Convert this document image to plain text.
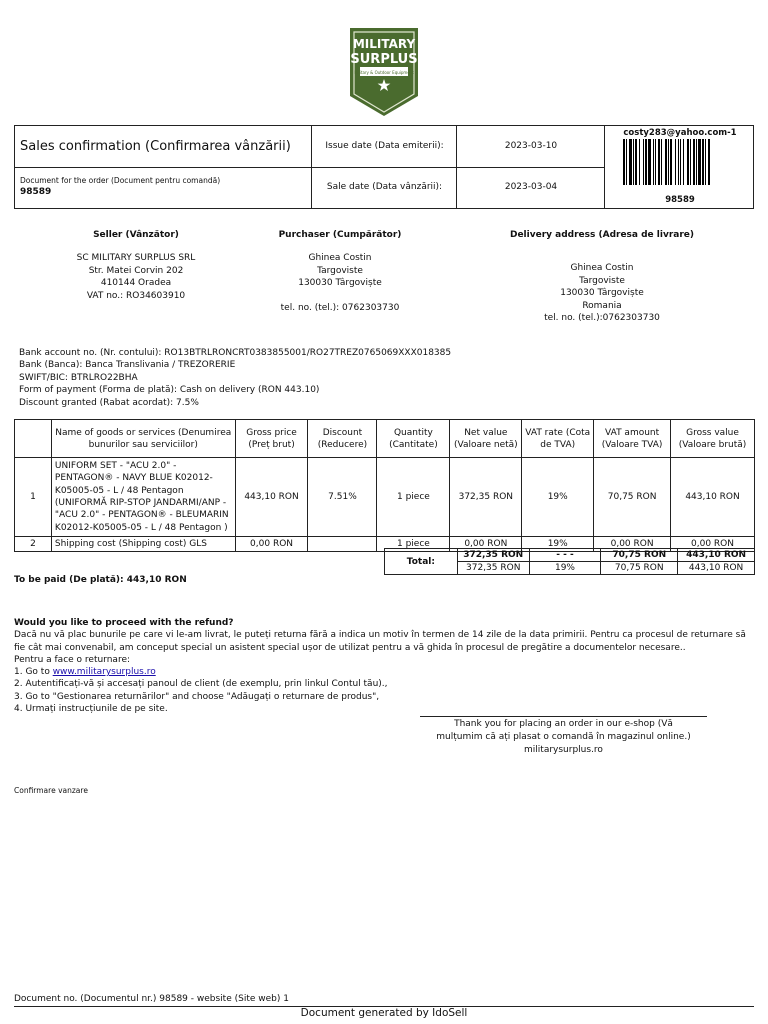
MILITARY
SURPLUS
Military & Outdoor Equipment
Sales confirmation (Confirmarea vânzării)
Document for the order (Document pentru comandă)
98589
Issue date (Data emiterii):	2023-03-10
Sale date (Data vânzării):	2023-03-04
costy283@yahoo.com-1
98589
Seller (Vânzător)
SC MILITARY SURPLUS SRL
Str. Matei Corvin 202
410144 Oradea
VAT no.: RO34603910
Purchaser (Cumpărător)
Ghinea Costin
Targoviste
130030 Târgoviște
tel. no. (tel.): 0762303730
Delivery address (Adresa de livrare)
Ghinea Costin
Targoviste
130030 Târgoviște
Romania
tel. no. (tel.):0762303730
Bank account no. (Nr. contului): RO13BTRLRONCRT0383855001/RO27TREZ0765069XXX018385
Bank (Banca): Banca Translivania / TREZORERIE
SWIFT/BIC: BTRLRO22BHA
Form of payment (Forma de plată): Cash on delivery (RON 443.10)
Discount granted (Rabat acordat): 7.5%
	Name of goods or services (Denumirea bunurilor sau serviciilor)	Gross price (Preț brut)	Discount (Reducere)	Quantity (Cantitate)	Net value (Valoare netă)	VAT rate (Cota de TVA)	VAT amount (Valoare TVA)	Gross value (Valoare brută)
1	UNIFORM SET - "ACU 2.0" - PENTAGON® - NAVY BLUE K02012-K05005-05 - L / 48 Pentagon (UNIFORMĂ RIP-STOP JANDARMI/ANP - "ACU 2.0" - PENTAGON® - BLEUMARIN K02012-K05005-05 - L / 48 Pentagon )	443,10 RON	7.51%	1 piece	372,35 RON	19%	70,75 RON	443,10 RON
2	Shipping cost (Shipping cost) GLS	0,00 RON		1 piece	0,00 RON	19%	0,00 RON	0,00 RON
Total:	372,35 RON	- - -	70,75 RON	443,10 RON
	372,35 RON	19%	70,75 RON	443,10 RON
To be paid (De plată): 443,10 RON
Would you like to proceed with the refund?
Dacă nu vă plac bunurile pe care vi le-am livrat, le puteți returna fără a indica un motiv în termen de 14 zile de la data primirii. Pentru ca procesul de returnare să fie cât mai convenabil, am conceput special un asistent special ușor de utilizat pentru a vă ghida în procesul de pregătire a documentelor necesare..
Pentru a face o returnare:
1. Go to www.militarysurplus.ro
2. Autentificați-vă și accesați panoul de client (de exemplu, prin linkul Contul tău).,
3. Go to "Gestionarea returnărilor" and choose "Adăugați o returnare de produs",
4. Urmați instrucțiunile de pe site.
Thank you for placing an order in our e-shop (Vă mulțumim că ați plasat o comandă în magazinul online.) militarysurplus.ro
Confirmare vanzare
Document no. (Documentul nr.) 98589 - website (Site web) 1
Document generated by IdoSell
